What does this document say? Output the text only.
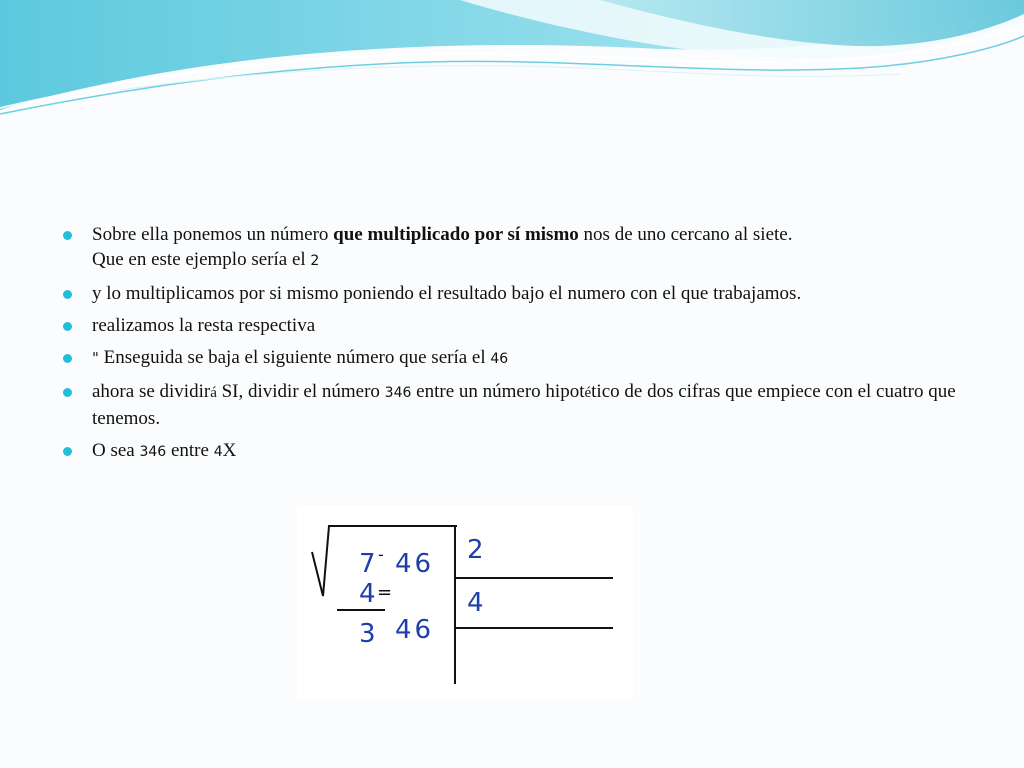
Sobre ella ponemos un número que multiplicado por sí mismo nos de uno cercano al siete.
Que en este ejemplo sería el 2
y lo multiplicamos por si mismo poniendo el resultado bajo el numero con el que trabajamos.
realizamos la resta respectiva
" Enseguida se baja el siguiente número que sería el 46
ahora se dividirá SI, dividir el número 346 entre un número hipotético de dos cifras que empiece con el cuatro que tenemos.
O sea 346 entre 4X
7 - 46
4 =
3 46
2
4
